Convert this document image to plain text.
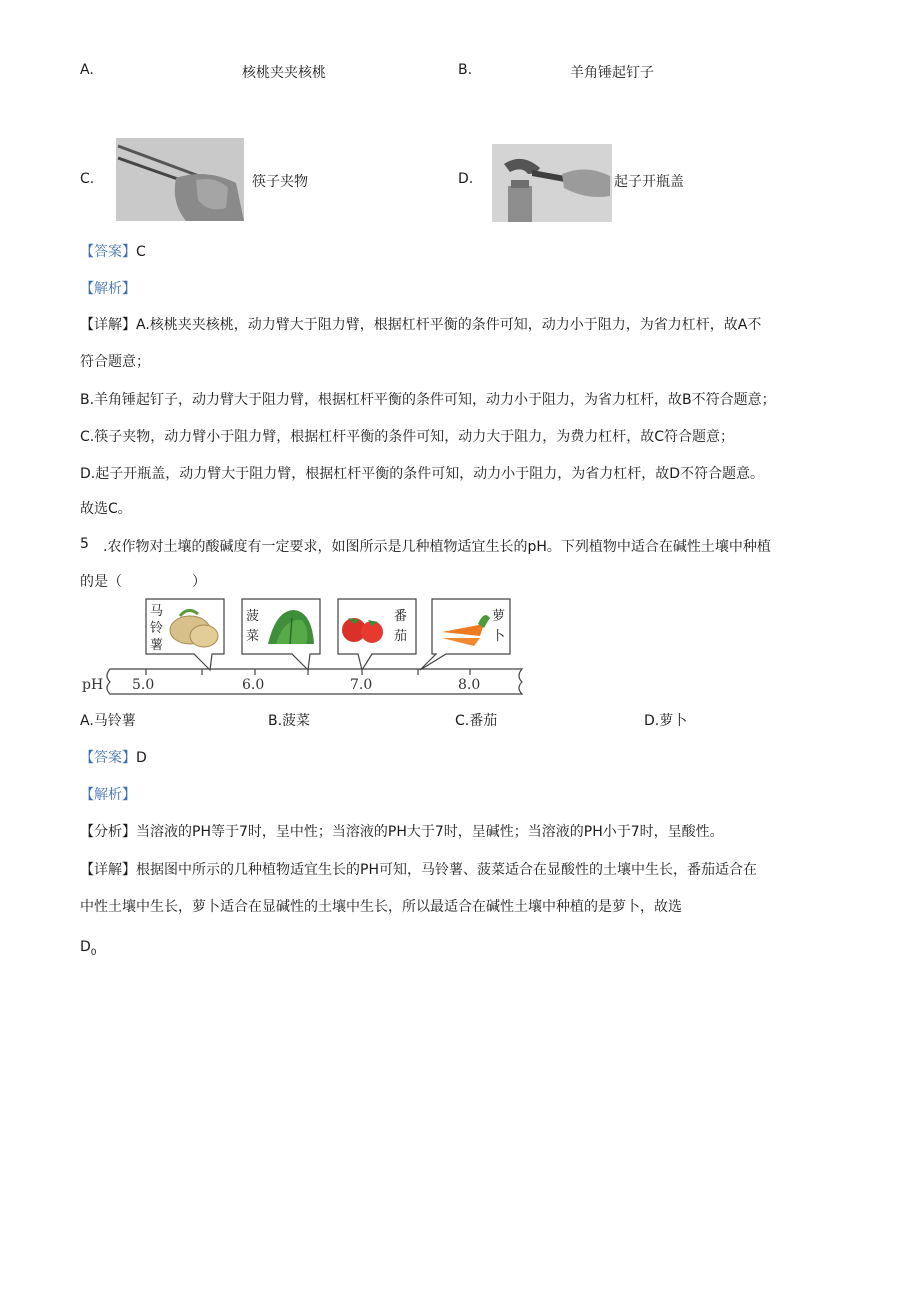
A.	核桃夹夹核桃	B.	羊角锤起钉子
C.	筷子夹物	D.	起子开瓶盖
【答案】C
【解析】
【详解】A.核桃夹夹核桃，动力臂大于阻力臂，根据杠杆平衡的条件可知，动力小于阻力，为省力杠杆，故A不
符合题意；
B.羊角锤起钉子，动力臂大于阻力臂，根据杠杆平衡的条件可知，动力小于阻力，为省力杠杆，故B不符合题意；
C.筷子夹物，动力臂小于阻力臂，根据杠杆平衡的条件可知，动力大于阻力，为费力杠杆，故C符合题意；
D.起子开瓶盖，动力臂大于阻力臂，根据杠杆平衡的条件可知，动力小于阻力，为省力杠杆，故D不符合题意。
故选C。
5 .农作物对土壤的酸碱度有一定要求，如图所示是几种植物适宜生长的pH。下列植物中适合在碱性土壤中种植
的是（　　　　　）
pH 5.0	6.0	7.0	8.0
马
铃
薯
菠
菜
番
茄
萝
卜
A.马铃薯	B.菠菜	C.番茄	D.萝卜
【答案】D
【解析】
【分析】当溶液的PH等于7时，呈中性；当溶液的PH大于7时，呈碱性；当溶液的PH小于7时，呈酸性。
【详解】根据图中所示的几种植物适宜生长的PH可知，马铃薯、菠菜适合在显酸性的土壤中生长，番茄适合在
中性土壤中生长，萝卜适合在显碱性的土壤中生长，所以最适合在碱性土壤中种植的是萝卜，故选
$D_0$
